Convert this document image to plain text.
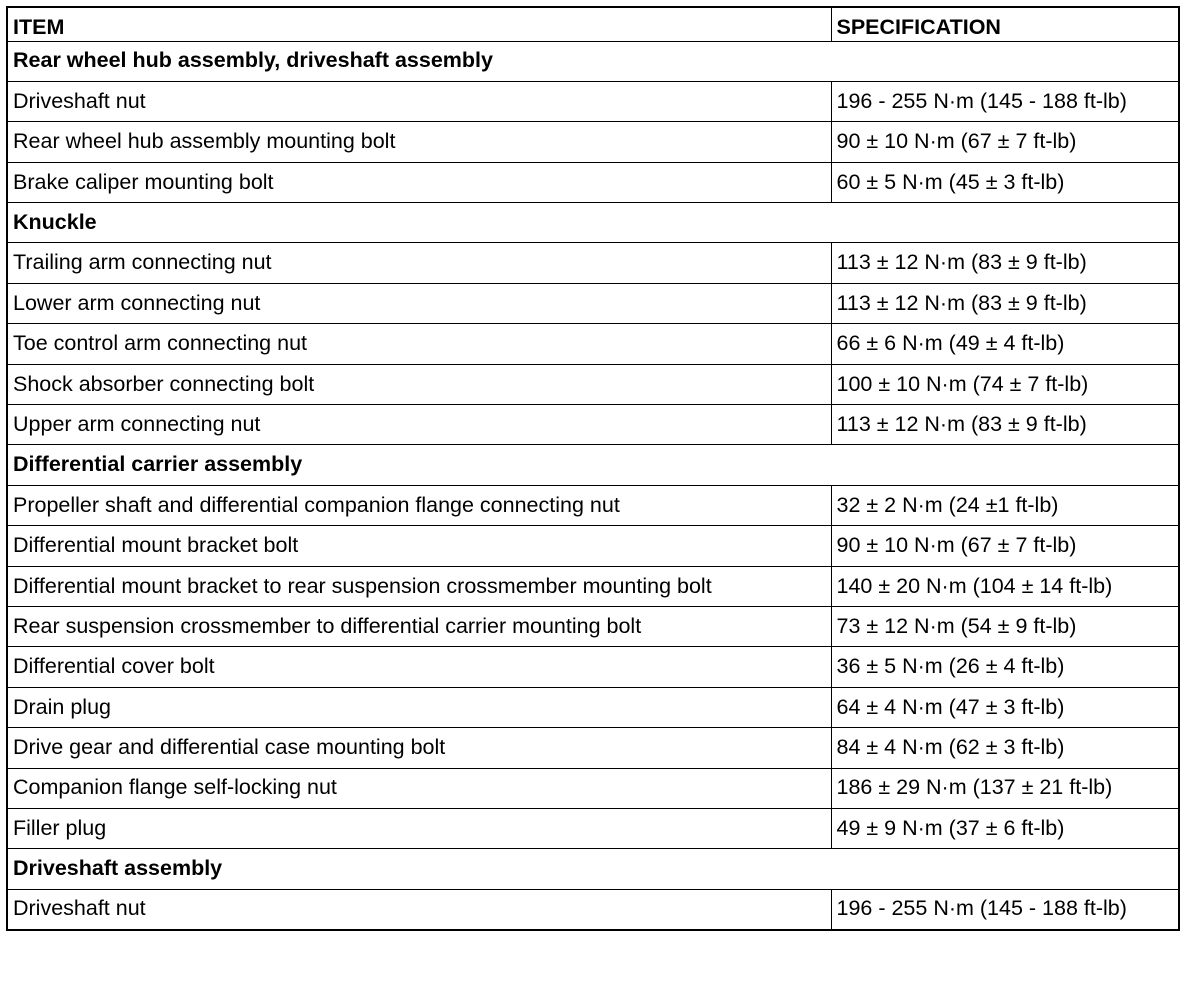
ITEM	SPECIFICATION
Rear wheel hub assembly, driveshaft assembly	
Driveshaft nut	196 - 255 N·m (145 - 188 ft-lb)
Rear wheel hub assembly mounting bolt	90 ± 10 N·m (67 ± 7 ft-lb)
Brake caliper mounting bolt	60 ± 5 N·m (45 ± 3 ft-lb)
Knuckle	
Trailing arm connecting nut	113 ± 12 N·m (83 ± 9 ft-lb)
Lower arm connecting nut	113 ± 12 N·m (83 ± 9 ft-lb)
Toe control arm connecting nut	66 ± 6 N·m (49 ± 4 ft-lb)
Shock absorber connecting bolt	100 ± 10 N·m (74 ± 7 ft-lb)
Upper arm connecting nut	113 ± 12 N·m (83 ± 9 ft-lb)
Differential carrier assembly	
Propeller shaft and differential companion flange connecting nut	32 ± 2 N·m (24 ±1 ft-lb)
Differential mount bracket bolt	90 ± 10 N·m (67 ± 7 ft-lb)
Differential mount bracket to rear suspension crossmember mounting bolt	140 ± 20 N·m (104 ± 14 ft-lb)
Rear suspension crossmember to differential carrier mounting bolt	73 ± 12 N·m (54 ± 9 ft-lb)
Differential cover bolt	36 ± 5 N·m (26 ± 4 ft-lb)
Drain plug	64 ± 4 N·m (47 ± 3 ft-lb)
Drive gear and differential case mounting bolt	84 ± 4 N·m (62 ± 3 ft-lb)
Companion flange self-locking nut	186 ± 29 N·m (137 ± 21 ft-lb)
Filler plug	49 ± 9 N·m (37 ± 6 ft-lb)
Driveshaft assembly	
Driveshaft nut	196 - 255 N·m (145 - 188 ft-lb)
